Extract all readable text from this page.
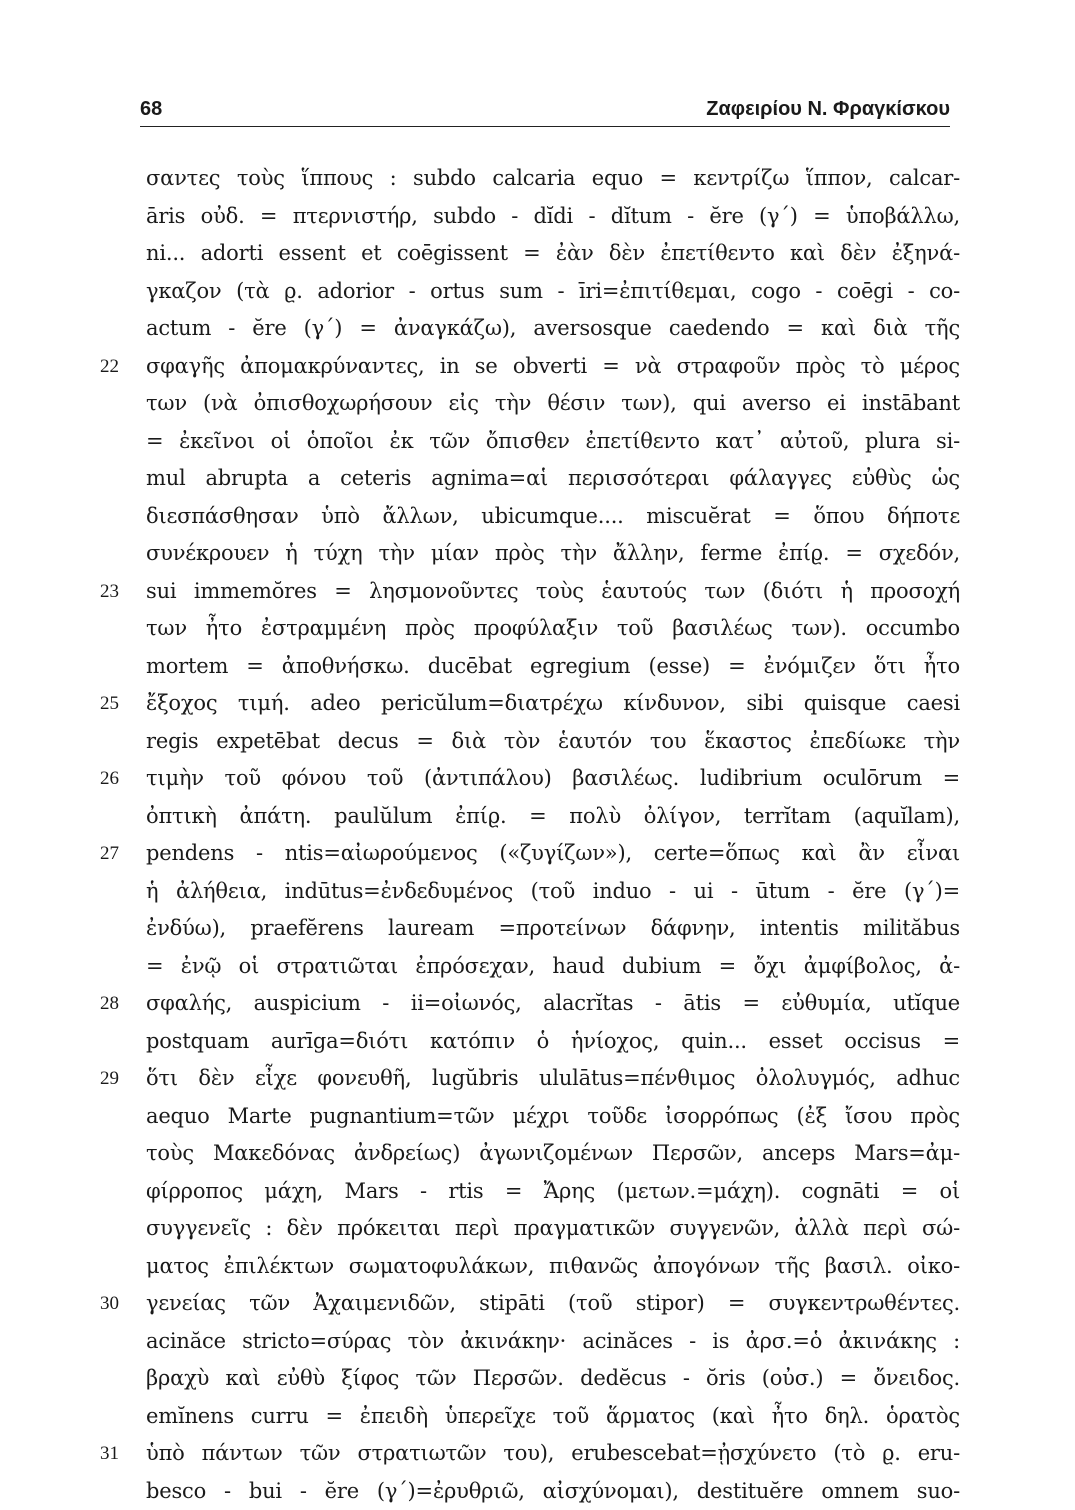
68	Ζαφειρίου Ν. Φραγκίσκου
σαντες τοὺς ἵππους : subdo calcaria equo = κεντρίζω ἵππον, calcar-
āris οὐδ. = πτερνιστήρ, subdo - dĭdi - dĭtum - ĕre (γ΄) = ὑποβάλλω,
ni... adorti essent et coēgissent = ἐὰν δὲν ἐπετίθεντο καὶ δὲν ἐξηνά-
γκαζον (τὰ ϱ. adorior - ortus sum - īri=ἐπιτίθεμαι, cogo - coēgi - co-
actum - ĕre (γ΄) = ἀναγκάζω), aversosque caedendo = καὶ διὰ τῆς
22	σφαγῆς ἀπομακρύναντες, in se obverti = νὰ στραφοῦν πρὸς τὸ μέρος
των (νὰ ὀπισθοχωρήσουν εἰς τὴν θέσιν των), qui averso ei instābant
= ἐκεῖνοι οἱ ὁποῖοι ἐκ τῶν ὄπισθεν ἐπετίθεντο κατ᾿ αὐτοῦ, plura si-
mul abrupta a ceteris agnima=αἱ περισσότεραι φάλαγγες εὐθὺς ὡς
διεσπάσθησαν ὑπὸ ἄλλων, ubicumque.... miscuĕrat = ὅπου δήποτε
συνέκρουεν ἡ τύχη τὴν μίαν πρὸς τὴν ἄλλην, ferme ἐπίϱ. = σχεδόν,
23	sui immemŏres = λησμονοῦντες τοὺς ἑαυτούς των (διότι ἡ προσοχή
των ἦτο ἐστραμμένη πρὸς προφύλαξιν τοῦ βασιλέως των). occumbo
mortem = ἀποθνήσκω. ducēbat egregium (esse) = ἐνόμιζεν ὅτι ἦτο
25	ἔξοχος τιμή. adeo pericŭlum=διατρέχω κίνδυνον, sibi quisque caesi
regis expetēbat decus = διὰ τὸν ἑαυτόν του ἕκαστος ἐπεδίωκε τὴν
26	τιμὴν τοῦ φόνου τοῦ (ἀντιπάλου) βασιλέως. ludibrium oculōrum =
ὀπτικὴ ἀπάτη. paulŭlum ἐπίϱ. = πολὺ ὀλίγον, terrĭtam (aquĭlam),
27	pendens - ntis=αἰωρούμενος («ζυγίζων»), certe=ὅπως καὶ ἂν εἶναι
ἡ ἀλήθεια, indūtus=ἐνδεδυμένος (τοῦ induo - ui - ūtum - ĕre (γ΄)=
ἐνδύω), praefĕrens lauream =προτείνων δάφνην, intentis milităbus
= ἐνῷ οἱ στρατιῶται ἐπρόσεχαν, haud dubium = ὄχι ἀμφίβολος, ἀ-
28	σφαλής, auspicium - ii=οἰωνός, alacrĭtas - ātis = εὐθυμία, utĭque
postquam aurīga=διότι κατόπιν ὁ ἡνίοχος, quin... esset occisus =
29	ὅτι δὲν εἶχε φονευθῆ, lugŭbris ululātus=πένθιμος ὀλολυγμός, adhuc
aequo Marte pugnantium=τῶν μέχρι τοῦδε ἰσορρόπως (ἐξ ἴσου πρὸς
τοὺς Μακεδόνας ἀνδρείως) ἀγωνιζομένων Περσῶν, anceps Mars=ἀμ-
φίρροπος μάχη, Mars - rtis = Ἄρης (μετων.=μάχη). cognāti = οἱ
συγγενεῖς : δὲν πρόκειται περὶ πραγματικῶν συγγενῶν, ἀλλὰ περὶ σώ-
ματος ἐπιλέκτων σωματοφυλάκων, πιθανῶς ἀπογόνων τῆς βασιλ. οἰκο-
30	γενείας τῶν Ἀχαιμενιδῶν, stipāti (τοῦ stipor) = συγκεντρωθέντες.
acinăce stricto=σύρας τὸν ἀκινάκην· acinăces - is ἀρσ.=ὁ ἀκινάκης :
βραχὺ καὶ εὐθὺ ξίφος τῶν Περσῶν. dedĕcus - ŏris (οὐσ.) = ὄνειδος.
emĭnens curru = ἐπειδὴ ὑπερεῖχε τοῦ ἅρματος (καὶ ἦτο δηλ. ὁρατὸς
31	ὑπὸ πάντων τῶν στρατιωτῶν του), erubescebat=ᾐσχύνετο (τὸ ϱ. eru-
besco - bui - ĕre (γ΄)=ἐρυθριῶ, αἰσχύνομαι), destituĕre omnem suo-
